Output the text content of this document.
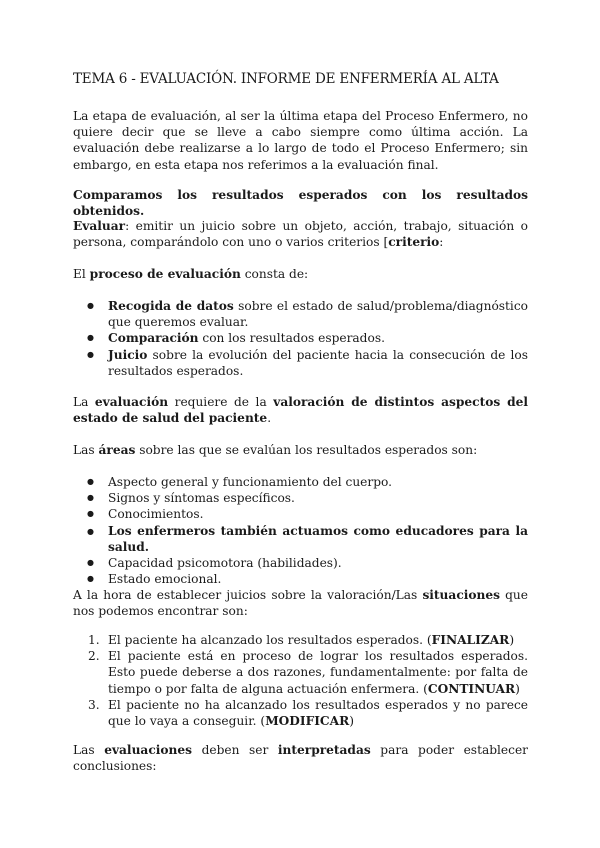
TEMA 6 - EVALUACIÓN. INFORME DE ENFERMERÍA AL ALTA
La etapa de evaluación, al ser la última etapa del Proceso Enfermero, no quiere decir que se lleve a cabo siempre como última acción. La evaluación debe realizarse a lo largo de todo el Proceso Enfermero; sin embargo, en esta etapa nos referimos a la evaluación final.
Comparamos los resultados esperados con los resultados obtenidos.
Evaluar: emitir un juicio sobre un objeto, acción, trabajo, situación o persona, comparándolo con uno o varios criterios [criterio:
El proceso de evaluación consta de:
● Recogida de datos sobre el estado de salud/problema/diagnóstico que queremos evaluar.
● Comparación con los resultados esperados.
● Juicio sobre la evolución del paciente hacia la consecución de los resultados esperados.
La evaluación requiere de la valoración de distintos aspectos del estado de salud del paciente.
Las áreas sobre las que se evalúan los resultados esperados son:
● Aspecto general y funcionamiento del cuerpo.
● Signos y síntomas específicos.
● Conocimientos.
● Los enfermeros también actuamos como educadores para la salud.
● Capacidad psicomotora (habilidades).
● Estado emocional.
A la hora de establecer juicios sobre la valoración/Las situaciones que nos podemos encontrar son:
1. El paciente ha alcanzado los resultados esperados. (FINALIZAR)
2. El paciente está en proceso de lograr los resultados esperados. Esto puede deberse a dos razones, fundamentalmente: por falta de tiempo o por falta de alguna actuación enfermera. (CONTINUAR)
3. El paciente no ha alcanzado los resultados esperados y no parece que lo vaya a conseguir. (MODIFICAR)
Las evaluaciones deben ser interpretadas para poder establecer conclusiones:
